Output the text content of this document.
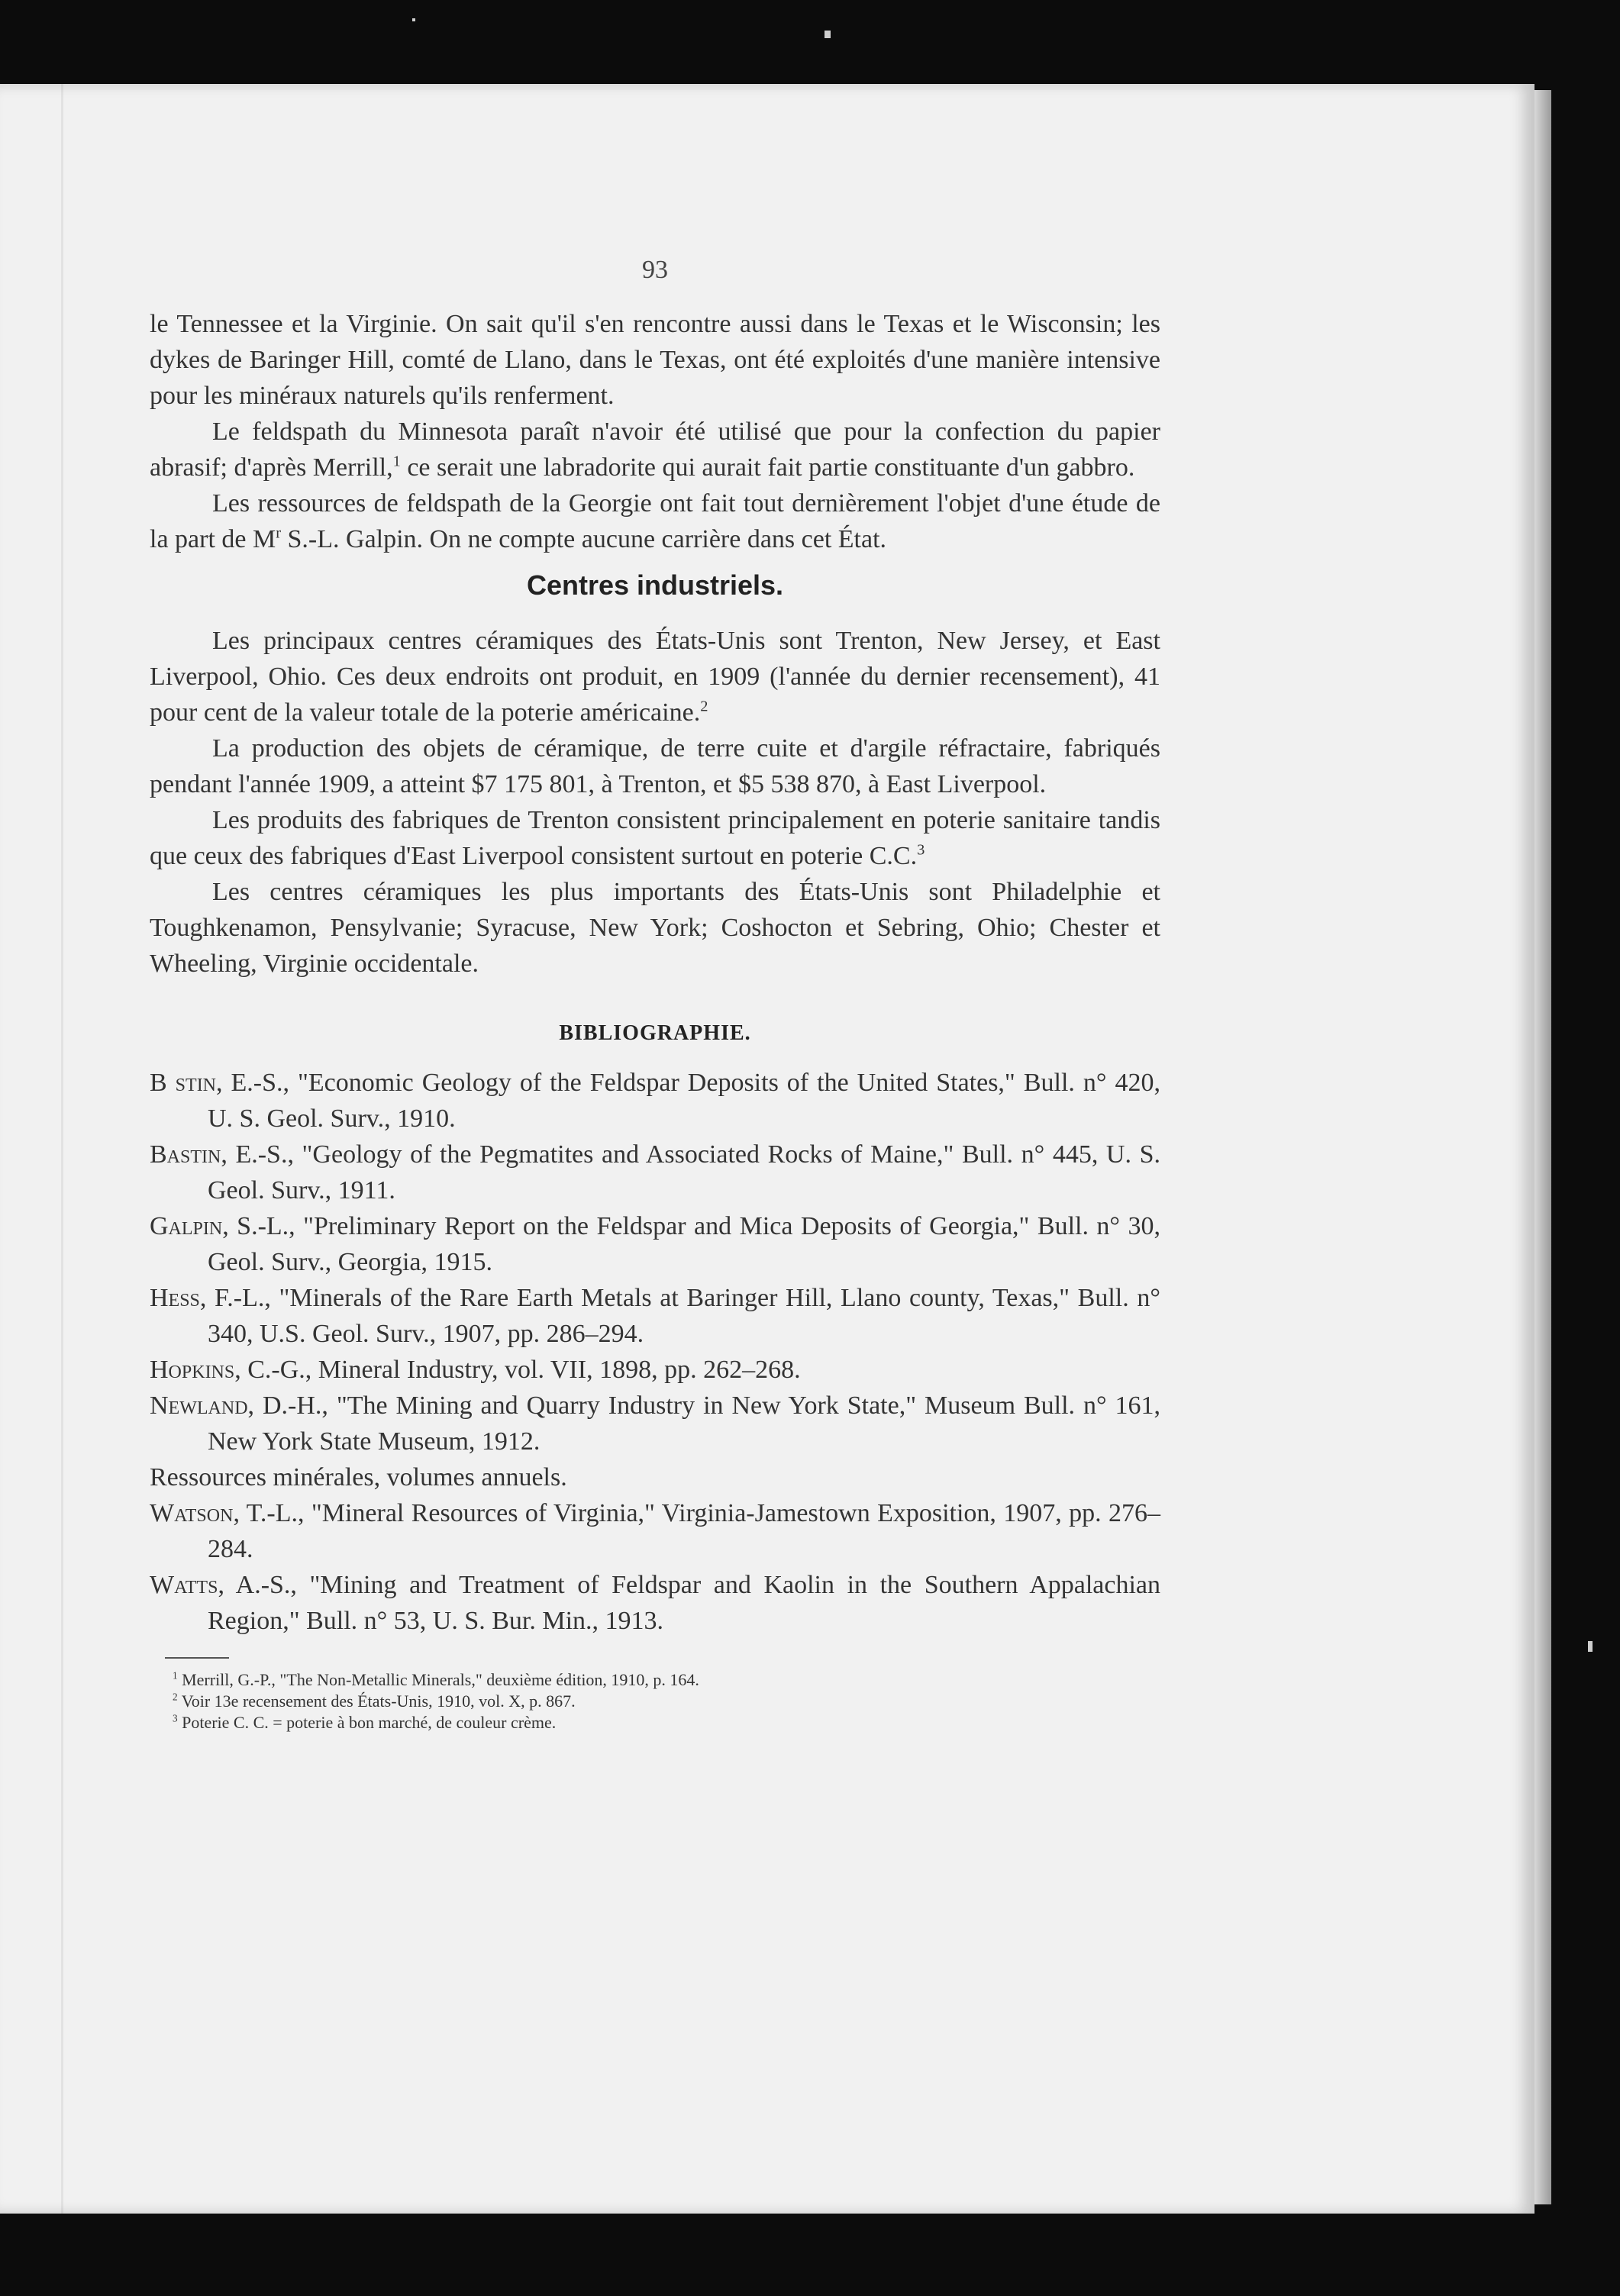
93

le Tennessee et la Virginie. On sait qu'il s'en rencontre aussi dans le Texas et le Wisconsin; les dykes de Baringer Hill, comté de Llano, dans le Texas, ont été exploités d'une manière intensive pour les minéraux naturels qu'ils renferment.

Le feldspath du Minnesota paraît n'avoir été utilisé que pour la confection du papier abrasif; d'après Merrill,$^1$ ce serait une labradorite qui aurait fait partie constituante d'un gabbro.

Les ressources de feldspath de la Georgie ont fait tout dernièrement l'objet d'une étude de la part de $M^r$ S.-L. Galpin. On ne compte aucune carrière dans cet État.

Centres industriels.

Les principaux centres céramiques des États-Unis sont Trenton, New Jersey, et East Liverpool, Ohio. Ces deux endroits ont produit, en 1909 (l'année du dernier recensement), 41 pour cent de la valeur totale de la poterie américaine.$^2$

La production des objets de céramique, de terre cuite et d'argile réfractaire, fabriqués pendant l'année 1909, a atteint $7 175 801, à Trenton, et $5 538 870, à East Liverpool.

Les produits des fabriques de Trenton consistent principalement en poterie sanitaire tandis que ceux des fabriques d'East Liverpool consistent surtout en poterie C.C.$^3$

Les centres céramiques les plus importants des États-Unis sont Philadelphie et Toughkenamon, Pensylvanie; Syracuse, New York; Coshocton et Sebring, Ohio; Chester et Wheeling, Virginie occidentale.

BIBLIOGRAPHIE.
B stin, E.-S., "Economic Geology of the Feldspar Deposits of the United States," Bull. n° 420, U. S. Geol. Surv., 1910.
Bastin, E.-S., "Geology of the Pegmatites and Associated Rocks of Maine," Bull. n° 445, U. S. Geol. Surv., 1911.
Galpin, S.-L., "Preliminary Report on the Feldspar and Mica Deposits of Georgia," Bull. n° 30, Geol. Surv., Georgia, 1915.
Hess, F.-L., "Minerals of the Rare Earth Metals at Baringer Hill, Llano county, Texas," Bull. n° 340, U.S. Geol. Surv., 1907, pp. 286–294.
Hopkins, C.-G., Mineral Industry, vol. VII, 1898, pp. 262–268.
Newland, D.-H., "The Mining and Quarry Industry in New York State," Museum Bull. n° 161, New York State Museum, 1912.
Ressources minérales, volumes annuels.
Watson, T.-L., "Mineral Resources of Virginia," Virginia-Jamestown Exposition, 1907, pp. 276–284.
Watts, A.-S., "Mining and Treatment of Feldspar and Kaolin in the Southern Appalachian Region," Bull. n° 53, U. S. Bur. Min., 1913.
$^1$ Merrill, G.-P., "The Non-Metallic Minerals," deuxième édition, 1910, p. 164.
$^2$ Voir 13e recensement des États-Unis, 1910, vol. X, p. 867.
$^3$ Poterie C. C. = poterie à bon marché, de couleur crème.
